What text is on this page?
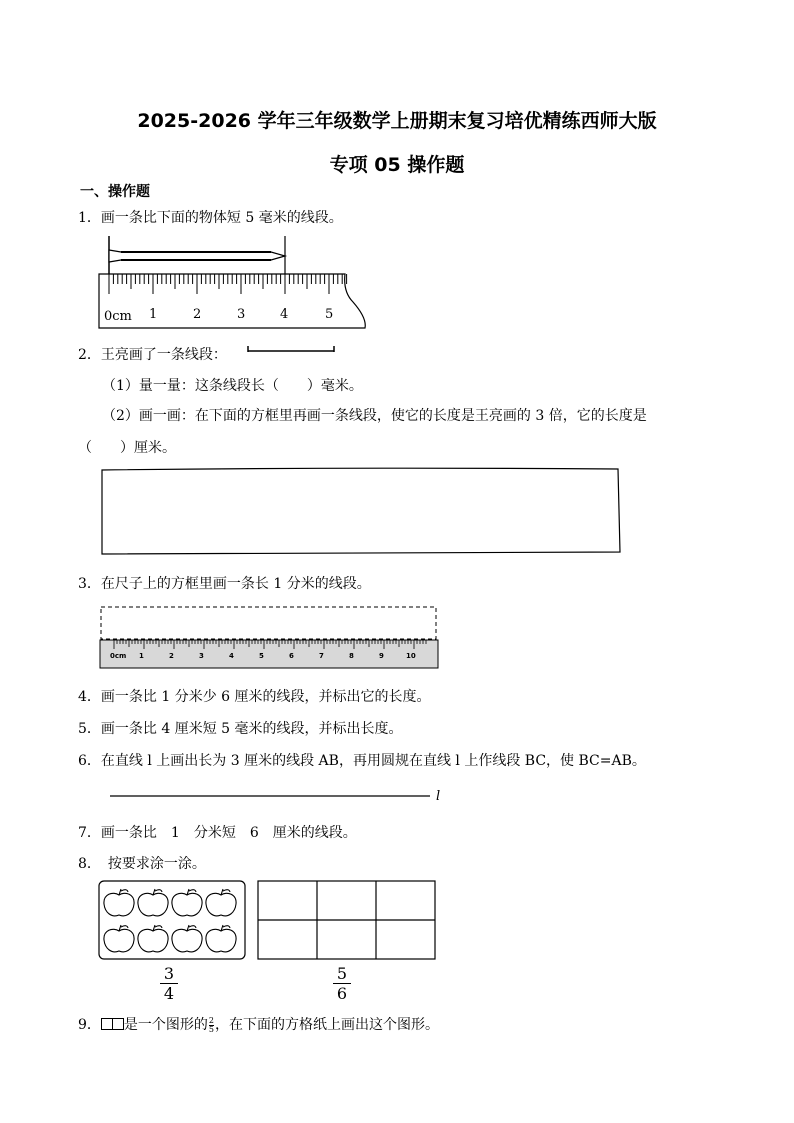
2025-2026 学年三年级数学上册期末复习培优精练西师大版
专项 05 操作题
一、操作题
1．画一条比下面的物体短 5 毫米的线段。
0cm 1	2	3	4	5
2．王亮画了一条线段：
（1）量一量：这条线段长（　　）毫米。
（2）画一画：在下面的方框里再画一条线段，使它的长度是王亮画的 3 倍，它的长度是
（　　）厘米。
3．在尺子上的方框里画一条长 1 分米的线段。
0cm 1	2	3	4	5	6	7	8	9	10
4．画一条比 1 分米少 6 厘米的线段，并标出它的长度。
5．画一条比 4 厘米短 5 毫米的线段，并标出长度。
6．在直线 l 上画出长为 3 厘米的线段 AB，再用圆规在直线 l 上作线段 BC，使 BC=AB。
l
7．画一条比　1　分米短　6　厘米的线段。
8．　按要求涂一涂。
3
4
5
6
9． 是一个图形的 $\frac{2}{5}$ ，在下面的方格纸上画出这个图形。
